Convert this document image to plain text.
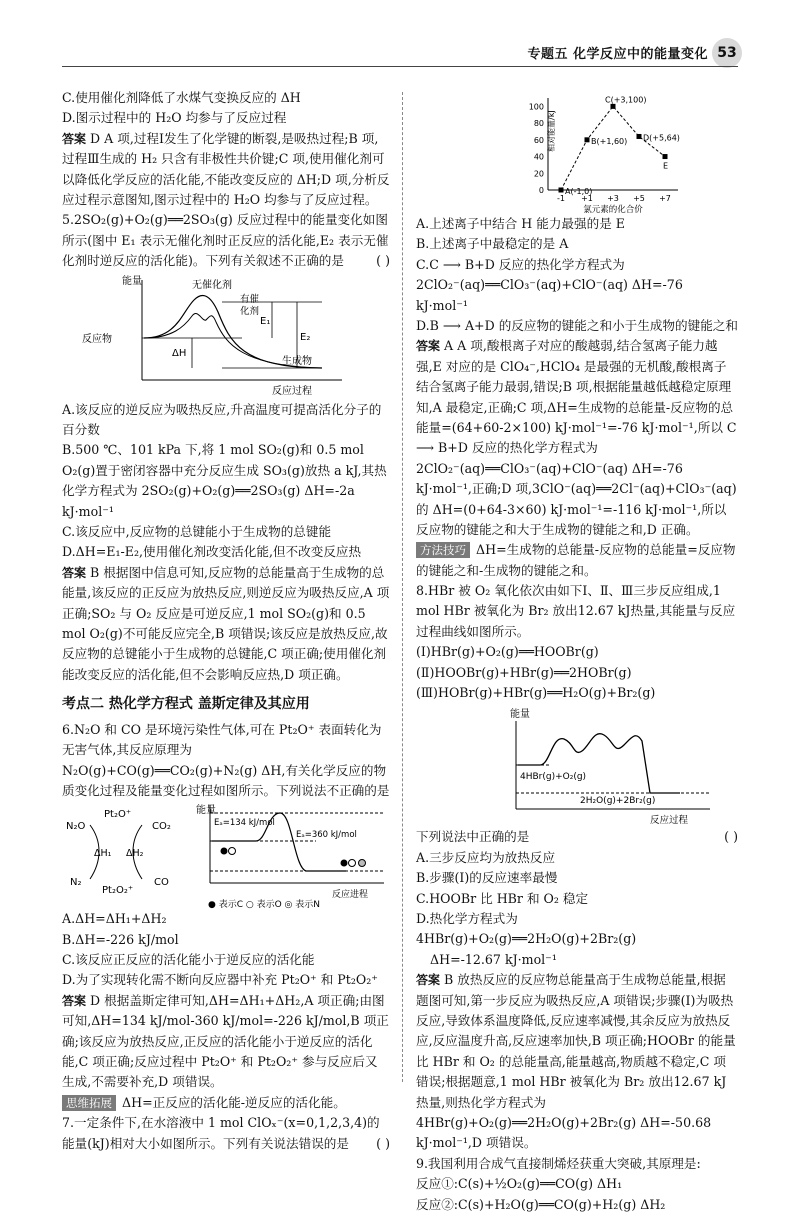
专题五 化学反应中的能量变化 53

C.使用催化剂降低了水煤气变换反应的 ΔH

D.图示过程中的 H₂O 均参与了反应过程

答案 D A 项,过程Ⅰ发生了化学键的断裂,是吸热过程;B 项,过程Ⅲ生成的 H₂ 只含有非极性共价键;C 项,使用催化剂可以降低化学反应的活化能,不能改变反应的 ΔH;D 项,分析反应过程示意图知,图示过程中的 H₂O 均参与了反应过程。

5.2SO₂(g)+O₂(g)══2SO₃(g) 反应过程中的能量变化如图所示(图中 E₁ 表示无催化剂时正反应的活化能,E₂ 表示无催化剂时逆反应的活化能)。下列有关叙述不正确的是	( )

能量
反应物
ΔH
无催化剂
有催
化剂
E₁
E₂
生成物
反应过程

A.该反应的逆反应为吸热反应,升高温度可提高活化分子的百分数

B.500 ℃、101 kPa 下,将 1 mol SO₂(g)和 0.5 mol O₂(g)置于密闭容器中充分反应生成 SO₃(g)放热 a kJ,其热化学方程式为 2SO₂(g)+O₂(g)══2SO₃(g) ΔH=-2a kJ·mol⁻¹

C.该反应中,反应物的总键能小于生成物的总键能

D.ΔH=E₁-E₂,使用催化剂改变活化能,但不改变反应热

答案 B 根据图中信息可知,反应物的总能量高于生成物的总能量,该反应的正反应为放热反应,则逆反应为吸热反应,A 项正确;SO₂ 与 O₂ 反应是可逆反应,1 mol SO₂(g)和 0.5 mol O₂(g)不可能反应完全,B 项错误;该反应是放热反应,故反应物的总键能小于生成物的总键能,C 项正确;使用催化剂能改变反应的活化能,但不会影响反应热,D 项正确。

考点二 热化学方程式 盖斯定律及其应用

6.N₂O 和 CO 是环境污染性气体,可在 Pt₂O⁺ 表面转化为无害气体,其反应原理为 N₂O(g)+CO(g)══CO₂(g)+N₂(g) ΔH,有关化学反应的物质变化过程及能量变化过程如图所示。下列说法不正确的是

N₂O
Pt₂O⁺
CO₂
ΔH₁ ΔH₂
N₂
Pt₂O₂⁺
CO
能量
Eₐ=134 kJ/mol
Eₐ=360 kJ/mol
反应进程
● 表示C ○ 表示O ◎ 表示N

A.ΔH=ΔH₁+ΔH₂

B.ΔH=-226 kJ/mol

C.该反应正反应的活化能小于逆反应的活化能

D.为了实现转化需不断向反应器中补充 Pt₂O⁺ 和 Pt₂O₂⁺

答案 D 根据盖斯定律可知,ΔH=ΔH₁+ΔH₂,A 项正确;由图可知,ΔH=134 kJ/mol-360 kJ/mol=-226 kJ/mol,B 项正确;该反应为放热反应,正反应的活化能小于逆反应的活化能,C 项正确;反应过程中 Pt₂O⁺ 和 Pt₂O₂⁺ 参与反应后又生成,不需要补充,D 项错误。

思维拓展 ΔH=正反应的活化能-逆反应的活化能。

7.一定条件下,在水溶液中 1 mol ClOₓ⁻(x=0,1,2,3,4)的能量(kJ)相对大小如图所示。下列有关说法错误的是 ( )

0
20
40
60
80
100
-1 +1 +3 +5 +7
A(-1,0)
B(+1,60)
C(+3,100)
D(+5,64)
E
相对能量/kJ
氯元素的化合价

A.上述离子中结合 H 能力最强的是 E

B.上述离子中最稳定的是 A

C.C ⟶ B+D 反应的热化学方程式为 2ClO₂⁻(aq)══ClO₃⁻(aq)+ClO⁻(aq) ΔH=-76 kJ·mol⁻¹

D.B ⟶ A+D 的反应物的键能之和小于生成物的键能之和

答案 A A 项,酸根离子对应的酸越弱,结合氢离子能力越强,E 对应的是 ClO₄⁻,HClO₄ 是最强的无机酸,酸根离子结合氢离子能力最弱,错误;B 项,根据能量越低越稳定原理知,A 最稳定,正确;C 项,ΔH=生成物的总能量-反应物的总能量=(64+60-2×100) kJ·mol⁻¹=-76 kJ·mol⁻¹,所以 C ⟶ B+D 反应的热化学方程式为 2ClO₂⁻(aq)══ClO₃⁻(aq)+ClO⁻(aq) ΔH=-76 kJ·mol⁻¹,正确;D 项,3ClO⁻(aq)══2Cl⁻(aq)+ClO₃⁻(aq) 的 ΔH=(0+64-3×60) kJ·mol⁻¹=-116 kJ·mol⁻¹,所以反应物的键能之和大于生成物的键能之和,D 正确。

方法技巧 ΔH=生成物的总能量-反应物的总能量=反应物的键能之和-生成物的键能之和。

8.HBr 被 O₂ 氧化依次由如下Ⅰ、Ⅱ、Ⅲ三步反应组成,1 mol HBr 被氧化为 Br₂ 放出12.67 kJ热量,其能量与反应过程曲线如图所示。

(Ⅰ)HBr(g)+O₂(g)══HOOBr(g)

(Ⅱ)HOOBr(g)+HBr(g)══2HOBr(g)

(Ⅲ)HOBr(g)+HBr(g)══H₂O(g)+Br₂(g)

能量
4HBr(g)+O₂(g)
2H₂O(g)+2Br₂(g)
反应过程

下列说法中正确的是	( )

A.三步反应均为放热反应

B.步骤(Ⅰ)的反应速率最慢

C.HOOBr 比 HBr 和 O₂ 稳定

D.热化学方程式为 4HBr(g)+O₂(g)══2H₂O(g)+2Br₂(g)

ΔH=-12.67 kJ·mol⁻¹

答案 B 放热反应的反应物总能量高于生成物总能量,根据题图可知,第一步反应为吸热反应,A 项错误;步骤(Ⅰ)为吸热反应,导致体系温度降低,反应速率减慢,其余反应为放热反应,反应温度升高,反应速率加快,B 项正确;HOOBr 的能量比 HBr 和 O₂ 的总能量高,能量越高,物质越不稳定,C 项错误;根据题意,1 mol HBr 被氧化为 Br₂ 放出12.67 kJ 热量,则热化学方程式为 4HBr(g)+O₂(g)══2H₂O(g)+2Br₂(g) ΔH=-50.68 kJ·mol⁻¹,D 项错误。

9.我国利用合成气直接制烯烃获重大突破,其原理是:

反应①:C(s)+½O₂(g)══CO(g) ΔH₁

反应②:C(s)+H₂O(g)══CO(g)+H₂(g) ΔH₂
